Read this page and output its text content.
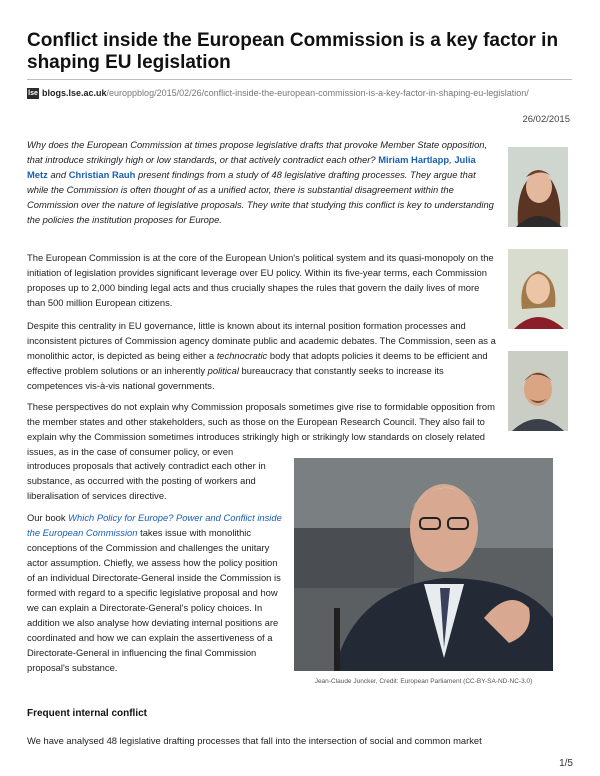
Conflict inside the European Commission is a key factor in shaping EU legislation
lse blogs.lse.ac.uk/europpblog/2015/02/26/conflict-inside-the-european-commission-is-a-key-factor-in-shaping-eu-legislation/
26/02/2015

Why does the European Commission at times propose legislative drafts that provoke Member State opposition, that introduce strikingly high or low standards, or that actively contradict each other? Miriam Hartlapp, Julia Metz and Christian Rauh present findings from a study of 48 legislative drafting processes. They argue that while the Commission is often thought of as a unified actor, there is substantial disagreement within the Commission over the nature of legislative proposals. They write that studying this conflict is key to understanding the policies the institution proposes for Europe.

The European Commission is at the core of the European Union's political system and its quasi-monopoly on the initiation of legislation provides significant leverage over EU policy. Within its five-year terms, each Commission proposes up to 2,000 binding legal acts and thus crucially shapes the rules that govern the daily lives of more than 500 million European citizens.

Despite this centrality in EU governance, little is known about its internal position formation processes and inconsistent pictures of Commission agency dominate public and academic debates. The Commission, seen as a monolithic actor, is depicted as being either a technocratic body that adopts policies it deems to be efficient and effective problem solutions or an inherently political bureaucracy that constantly seeks to increase its competences vis-à-vis national governments.

These perspectives do not explain why Commission proposals sometimes give rise to formidable opposition from the member states and other stakeholders, such as those on the European Research Council. They also fail to explain why the Commission sometimes introduces strikingly high or strikingly low standards on closely related issues, as in the case of consumer policy, or even

introduces proposals that actively contradict each other in substance, as occurred with the posting of workers and liberalisation of services directive.

Our book Which Policy for Europe? Power and Conflict inside the European Commission takes issue with monolithic conceptions of the Commission and challenges the unitary actor assumption. Chiefly, we assess how the policy position of an individual Directorate-General inside the Commission is formed with regard to a specific legislative proposal and how we can explain a Directorate-General's policy choices. In addition we also analyse how deviating internal positions are coordinated and how we can explain the assertiveness of a Directorate-General in influencing the final Commission proposal's substance.

Jean-Claude Juncker, Credit: European Parliament (CC-BY-SA-ND-NC-3.0)
Frequent internal conflict

We have analysed 48 legislative drafting processes that fall into the intersection of social and common market

1/5
